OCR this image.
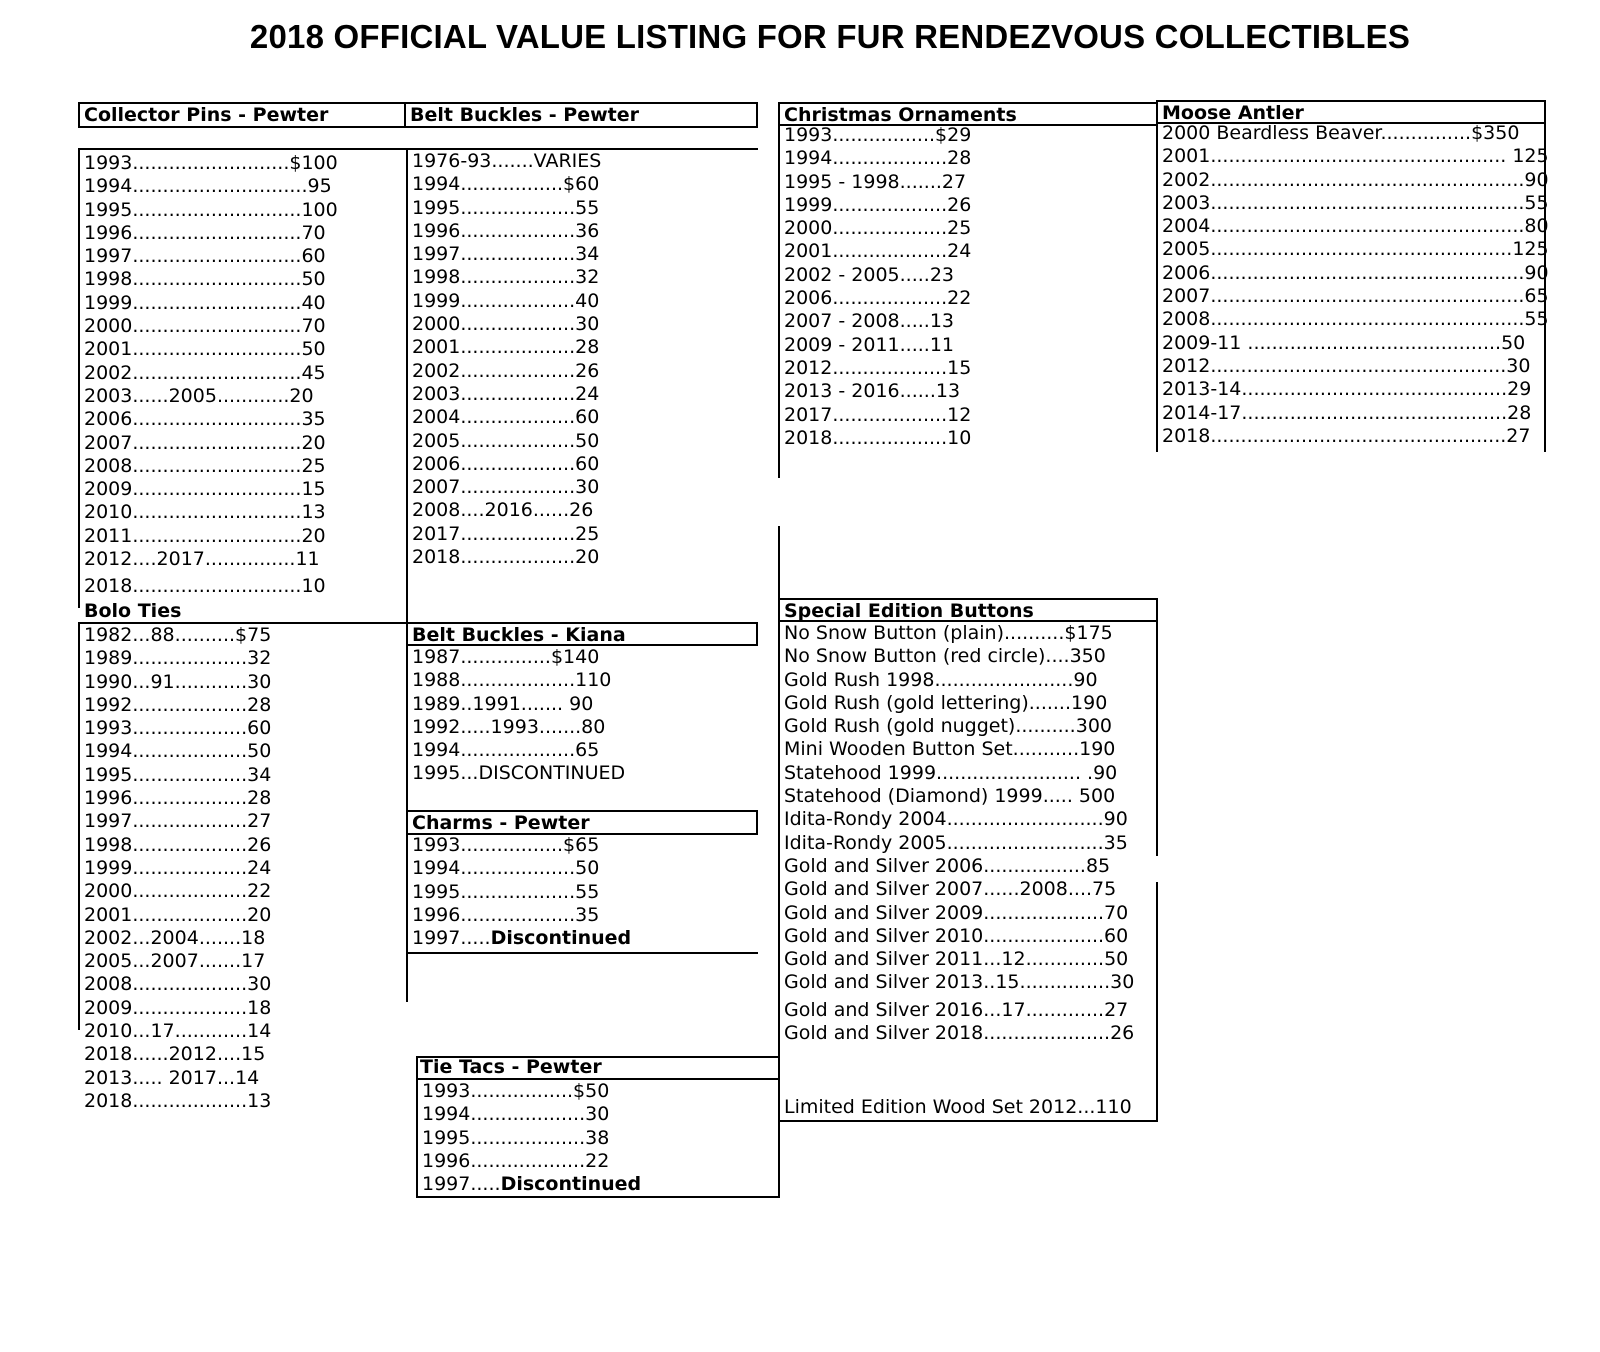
2018 OFFICIAL VALUE LISTING FOR FUR RENDEZVOUS COLLECTIBLES
Collector Pins - Pewter
1993..........................$100
1994.............................95
1995............................100
1996............................70
1997............................60
1998............................50
1999............................40
2000............................70
2001............................50
2002............................45
2003......2005............20
2006............................35
2007............................20
2008............................25
2009............................15
2010............................13
2011............................20
2012....2017...............11
2018............................10
Bolo Ties
1982...88..........$75
1989...................32
1990...91............30
1992...................28
1993...................60
1994...................50
1995...................34
1996...................28
1997...................27
1998...................26
1999...................24
2000...................22
2001...................20
2002...2004.......18
2005...2007.......17
2008...................30
2009...................18
2010...17............14
2018......2012....15
2013..... 2017...14
2018...................13
Belt Buckles - Pewter
1976-93.......VARIES
1994.................$60
1995...................55
1996...................36
1997...................34
1998...................32
1999...................40
2000...................30
2001...................28
2002...................26
2003...................24
2004...................60
2005...................50
2006...................60
2007...................30
2008....2016......26
2017...................25
2018...................20
Belt Buckles - Kiana
1987...............$140
1988...................110
1989..1991....... 90
1992.....1993.......80
1994...................65
1995...DISCONTINUED
Charms - Pewter
1993.................$65
1994...................50
1995...................55
1996...................35
1997.....Discontinued
Tie Tacs - Pewter
1993.................$50
1994...................30
1995...................38
1996...................22
1997.....Discontinued
Christmas Ornaments
1993.................$29
1994...................28
1995 - 1998.......27
1999...................26
2000...................25
2001...................24
2002 - 2005.....23
2006...................22
2007 - 2008.....13
2009 - 2011.....11
2012...................15
2013 - 2016......13
2017...................12
2018...................10
Special Edition Buttons
No Snow Button (plain)..........$175
No Snow Button (red circle)....350
Gold Rush 1998.......................90
Gold Rush (gold lettering).......190
Gold Rush (gold nugget)..........300
Mini Wooden Button Set...........190
Statehood 1999........................ .90
Statehood (Diamond) 1999..... 500
Idita-Rondy 2004..........................90
Idita-Rondy 2005..........................35
Gold and Silver 2006.................85
Gold and Silver 2007......2008....75
Gold and Silver 2009....................70
Gold and Silver 2010....................60
Gold and Silver 2011...12.............50
Gold and Silver 2013..15...............30
Gold and Silver 2016...17.............27
Gold and Silver 2018.....................26
Limited Edition Wood Set 2012...110
Moose Antler
2000 Beardless Beaver...............$350
2001................................................. 125
2002....................................................90
2003....................................................55
2004....................................................80
2005..................................................125
2006....................................................90
2007....................................................65
2008....................................................55
2009-11 ..........................................50
2012.................................................30
2013-14............................................29
2014-17............................................28
2018.................................................27
